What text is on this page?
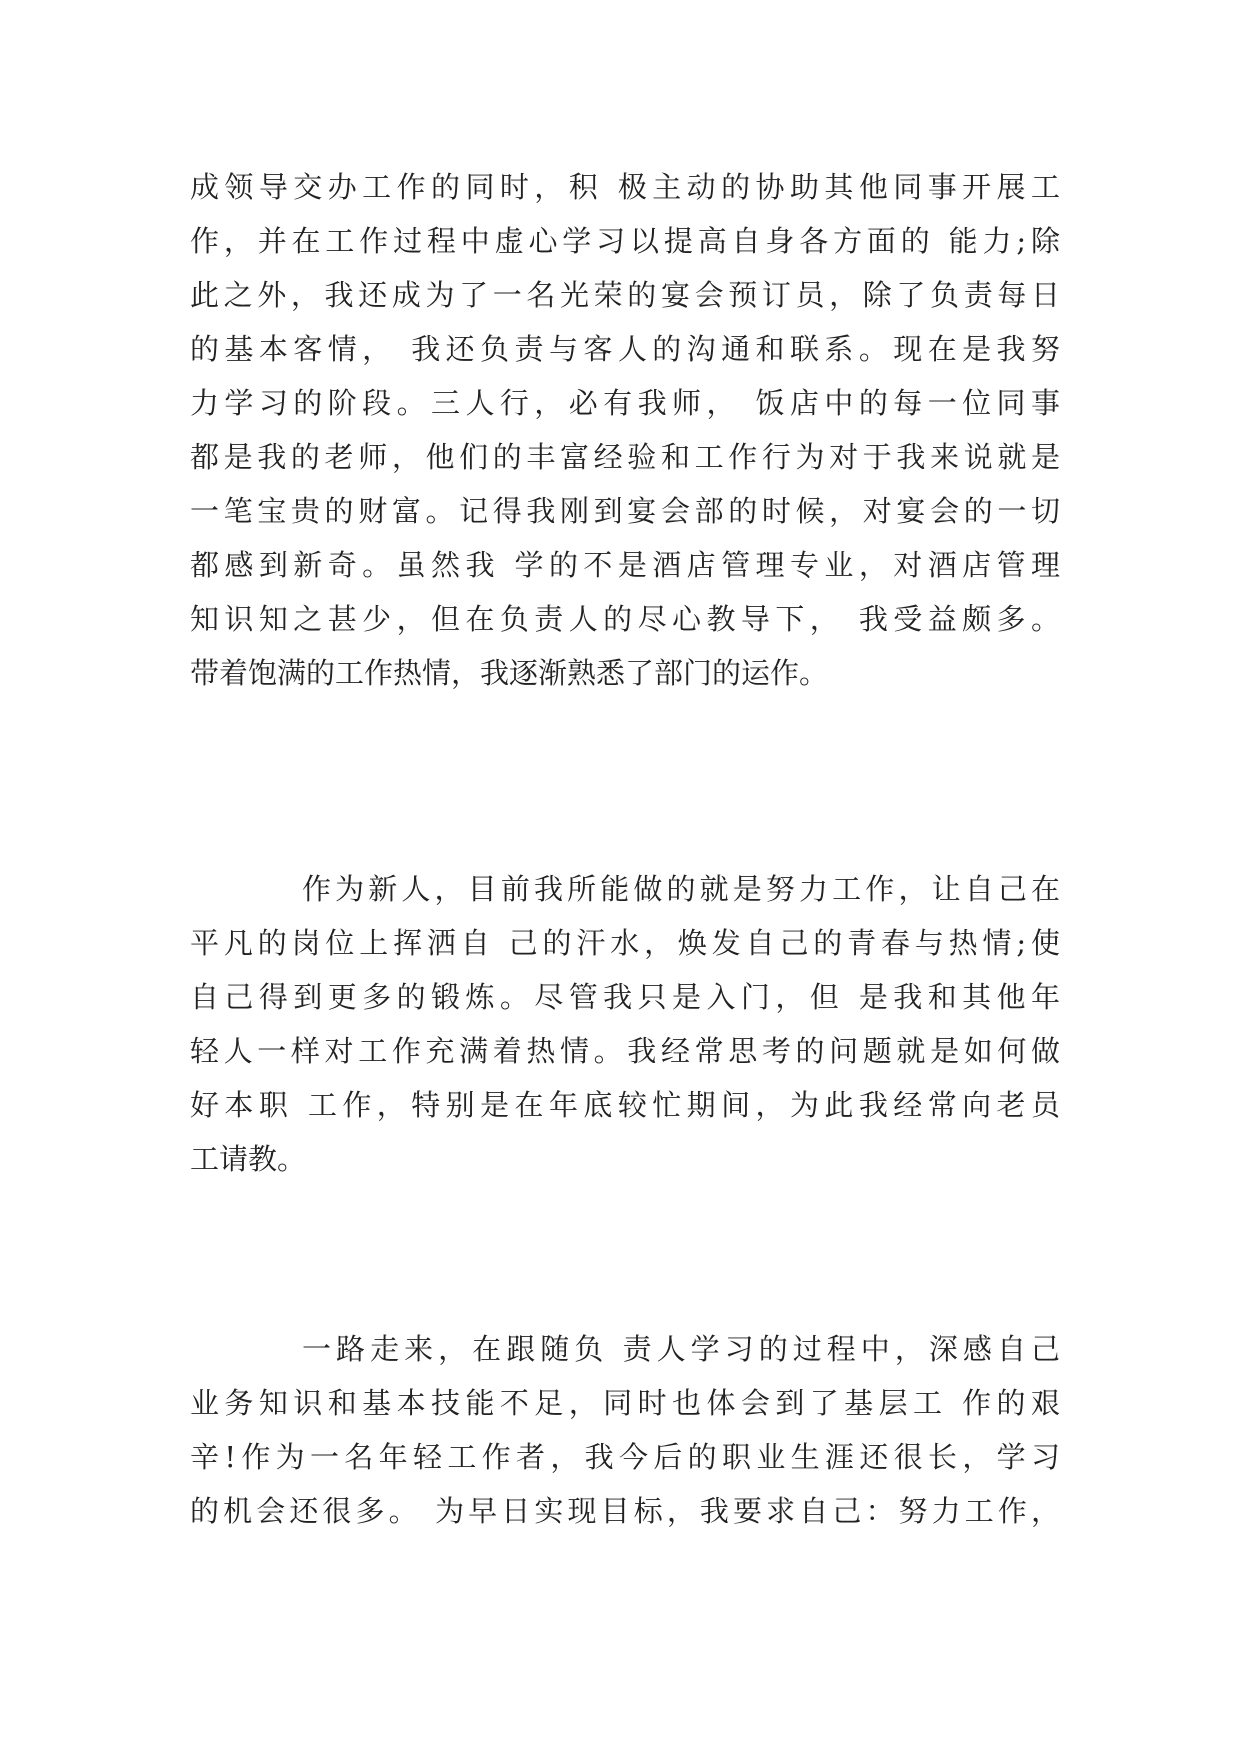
成领导交办工作的同时，积 极主动的协助其他同事开展工
作，并在工作过程中虚心学习以提高自身各方面的 能力;除
此之外，我还成为了一名光荣的宴会预订员，除了负责每日
的基本客情， 我还负责与客人的沟通和联系。现在是我努
力学习的阶段。三人行，必有我师， 饭店中的每一位同事
都是我的老师，他们的丰富经验和工作行为对于我来说就是
一笔宝贵的财富。记得我刚到宴会部的时候，对宴会的一切
都感到新奇。虽然我 学的不是酒店管理专业，对酒店管理
知识知之甚少，但在负责人的尽心教导下， 我受益颇多。
带着饱满的工作热情，我逐渐熟悉了部门的运作。

作为新人，目前我所能做的就是努力工作，让自己在
平凡的岗位上挥洒自 己的汗水，焕发自己的青春与热情;使
自己得到更多的锻炼。尽管我只是入门，但 是我和其他年
轻人一样对工作充满着热情。我经常思考的问题就是如何做
好本职 工作，特别是在年底较忙期间，为此我经常向老员
工请教。

一路走来，在跟随负 责人学习的过程中，深感自己
业务知识和基本技能不足，同时也体会到了基层工 作的艰
辛!作为一名年轻工作者，我今后的职业生涯还很长，学习
的机会还很多。 为早日实现目标，我要求自己：努力工作，
